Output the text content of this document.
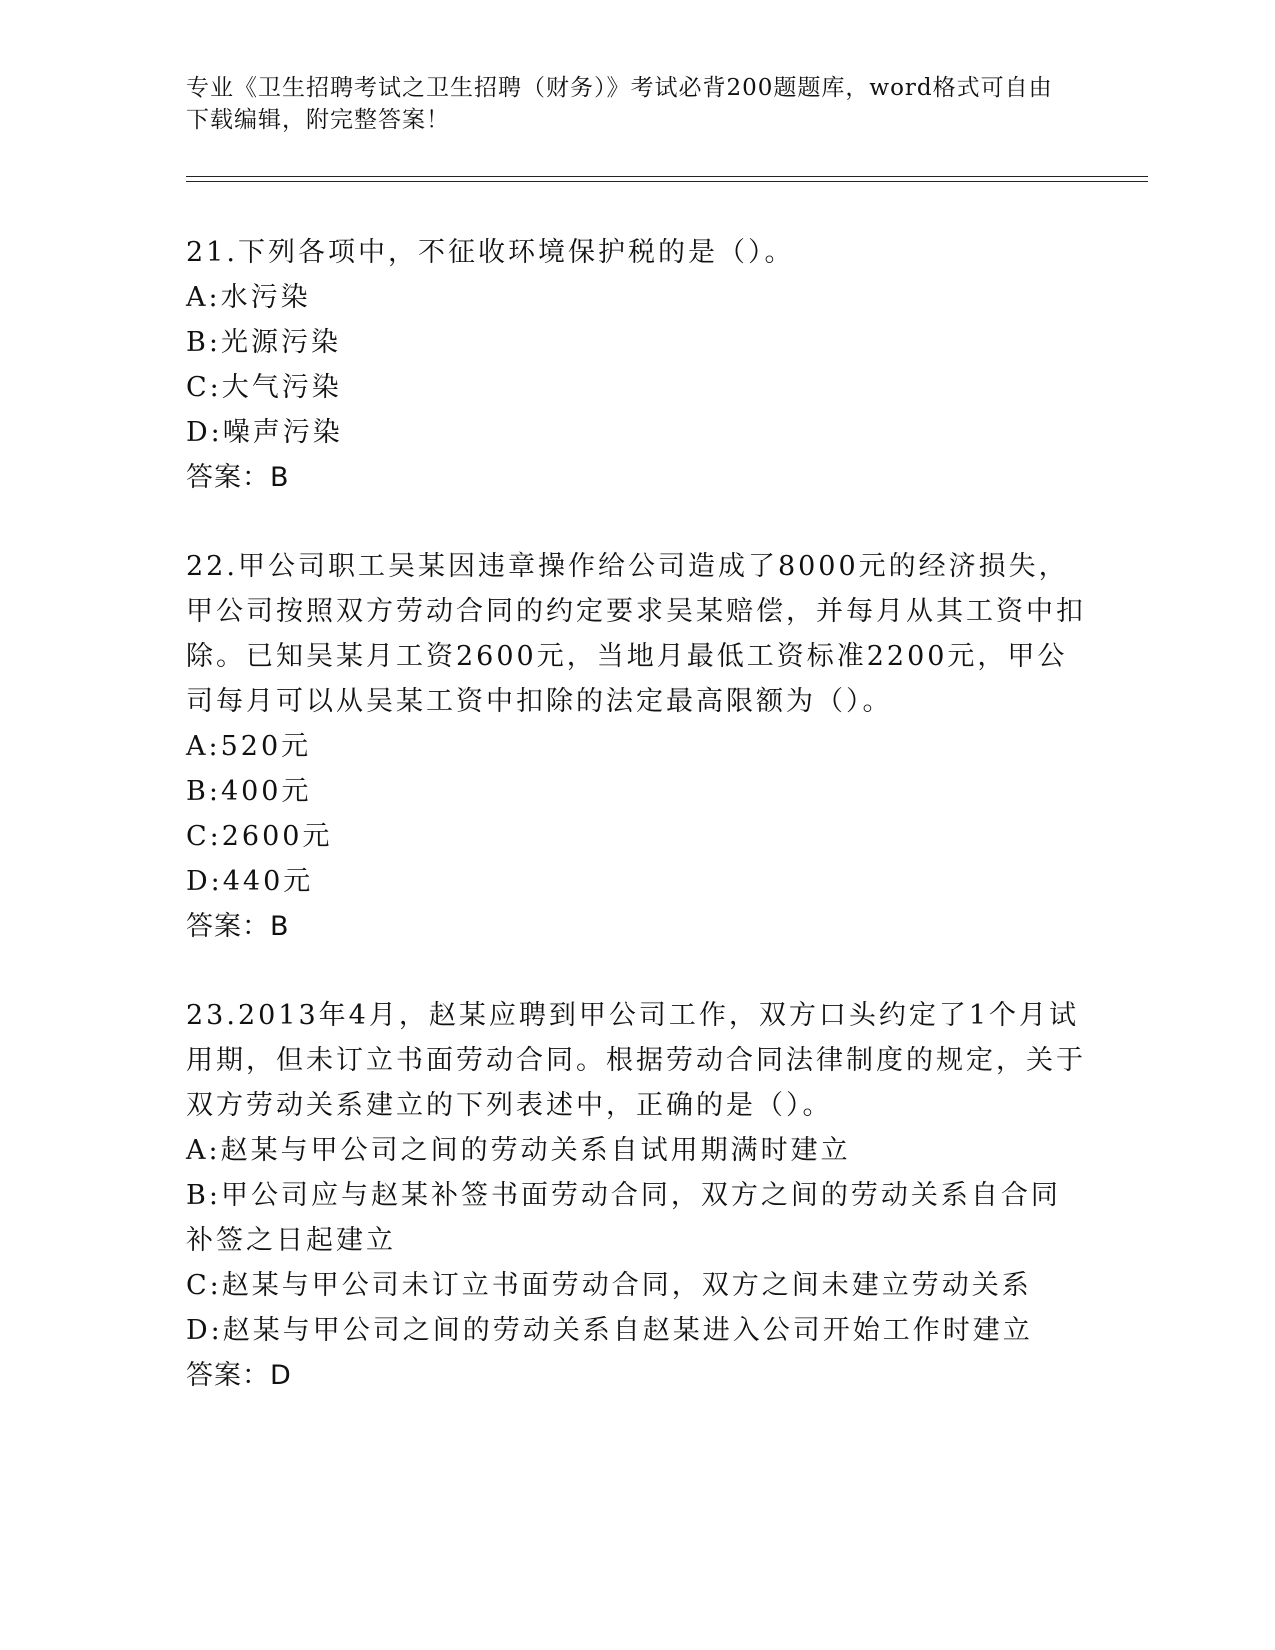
专业《卫生招聘考试之卫生招聘（财务）》考试必背200题题库，word格式可自由下载编辑，附完整答案！

21.下列各项中，不征收环境保护税的是（）。

A:水污染

B:光源污染

C:大气污染

D:噪声污染

答案：B

22.甲公司职工吴某因违章操作给公司造成了8000元的经济损失，甲公司按照双方劳动合同的约定要求吴某赔偿，并每月从其工资中扣除。已知吴某月工资2600元，当地月最低工资标准2200元，甲公司每月可以从吴某工资中扣除的法定最高限额为（）。

A:520元

B:400元

C:2600元

D:440元

答案：B

23.2013年4月，赵某应聘到甲公司工作，双方口头约定了1个月试用期，但未订立书面劳动合同。根据劳动合同法律制度的规定，关于双方劳动关系建立的下列表述中，正确的是（）。

A:赵某与甲公司之间的劳动关系自试用期满时建立

B:甲公司应与赵某补签书面劳动合同，双方之间的劳动关系自合同补签之日起建立

C:赵某与甲公司未订立书面劳动合同，双方之间未建立劳动关系

D:赵某与甲公司之间的劳动关系自赵某进入公司开始工作时建立

答案：D
